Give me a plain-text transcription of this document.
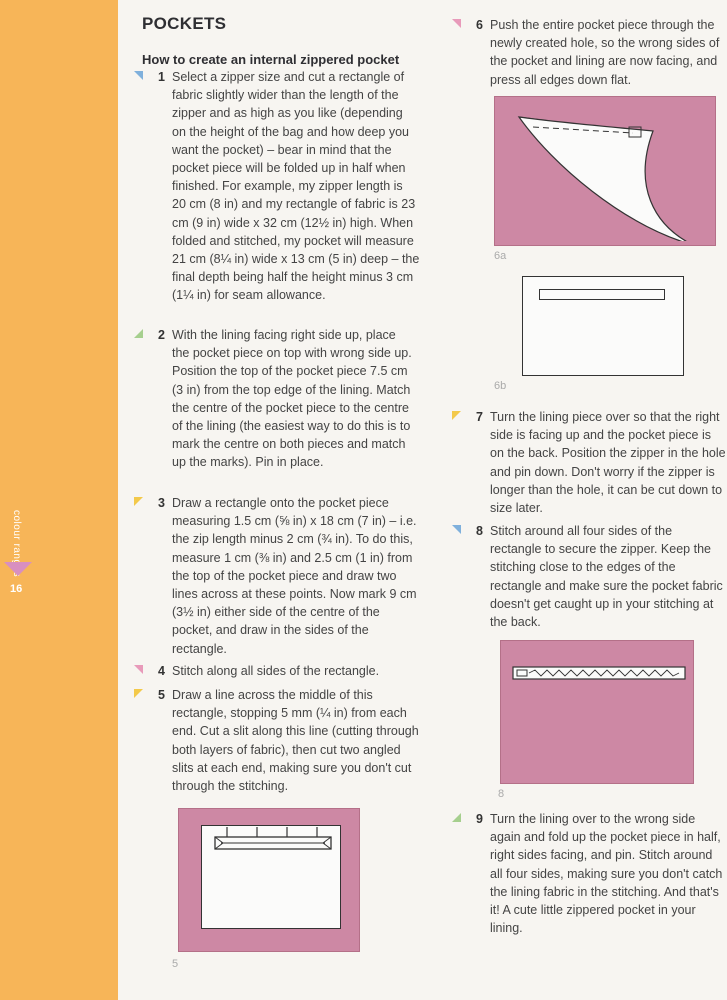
colour ranges
16
POCKETS
How to create an internal zippered pocket
1 Select a zipper size and cut a rectangle of fabric slightly wider than the length of the zipper and as high as you like (depending on the height of the bag and how deep you want the pocket) – bear in mind that the pocket piece will be folded up in half when finished. For example, my zipper length is 20 cm (8 in) and my rectangle of fabric is 23 cm (9 in) wide x 32 cm (12½ in) high. When folded and stitched, my pocket will measure 21 cm (8¼ in) wide x 13 cm (5 in) deep – the final depth being half the height minus 3 cm (1¼ in) for seam allowance.
2 With the lining facing right side up, place the pocket piece on top with wrong side up. Position the top of the pocket piece 7.5 cm (3 in) from the top edge of the lining. Match the centre of the pocket piece to the centre of the lining (the easiest way to do this is to mark the centre on both pieces and match up the marks). Pin in place.
3 Draw a rectangle onto the pocket piece measuring 1.5 cm (⅝ in) x 18 cm (7 in) – i.e. the zip length minus 2 cm (¾ in). To do this, measure 1 cm (⅜ in) and 2.5 cm (1 in) from the top of the pocket piece and draw two lines across at these points. Now mark 9 cm (3½ in) either side of the centre of the pocket, and draw in the sides of the rectangle.
4 Stitch along all sides of the rectangle.
5 Draw a line across the middle of this rectangle, stopping 5 mm (¼ in) from each end. Cut a slit along this line (cutting through both layers of fabric), then cut two angled slits at each end, making sure you don't cut through the stitching.
5
6 Push the entire pocket piece through the newly created hole, so the wrong sides of the pocket and lining are now facing, and press all edges down flat.
6a
6b
7 Turn the lining piece over so that the right side is facing up and the pocket piece is on the back. Position the zipper in the hole and pin down. Don't worry if the zipper is longer than the hole, it can be cut down to size later.
8 Stitch around all four sides of the rectangle to secure the zipper. Keep the stitching close to the edges of the rectangle and make sure the pocket fabric doesn't get caught up in your stitching at the back.
8
9 Turn the lining over to the wrong side again and fold up the pocket piece in half, right sides facing, and pin. Stitch around all four sides, making sure you don't catch the lining fabric in the stitching. And that's it! A cute little zippered pocket in your lining.
